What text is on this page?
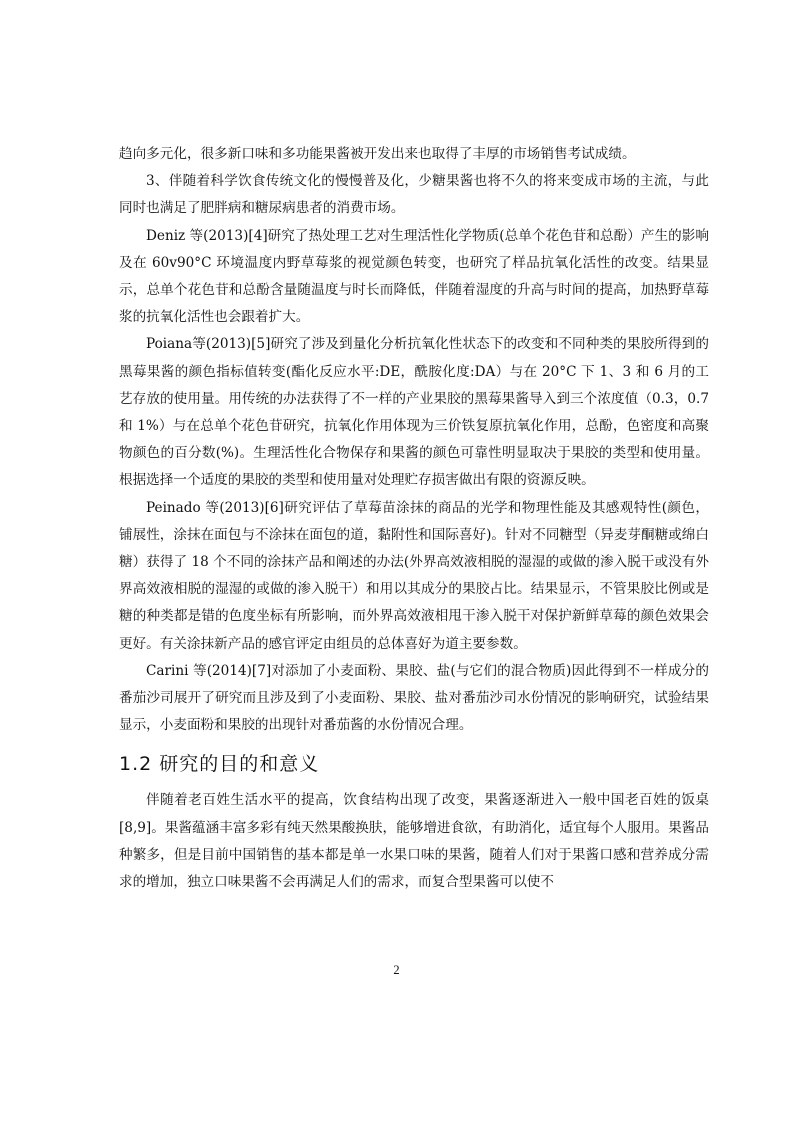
趋向多元化，很多新口味和多功能果酱被开发出来也取得了丰厚的市场销售考试成绩。

3、伴随着科学饮食传统文化的慢慢普及化，少糖果酱也将不久的将来变成市场的主流，与此同时也满足了肥胖病和糖尿病患者的消费市场。

Deniz 等(2013)[4]研究了热处理工艺对生理活性化学物质(总单个花色苷和总酚）产生的影响及在 60v90°C 环境温度内野草莓浆的视觉颜色转变，也研究了样品抗氧化活性的改变。结果显示，总单个花色苷和总酚含量随温度与时长而降低，伴随着湿度的升高与时间的提高，加热野草莓浆的抗氧化活性也会跟着扩大。

Poiana等(2013)[5]研究了涉及到量化分析抗氧化性状态下的改变和不同种类的果胶所得到的黑莓果酱的颜色指标值转变(酯化反应水平:DE，酰胺化度:DA）与在 20°C 下 1、3 和 6 月的工艺存放的使用量。用传统的办法获得了不一样的产业果胶的黑莓果酱导入到三个浓度值（0.3，0.7 和 1%）与在总单个花色苷研究，抗氧化作用体现为三价铁复原抗氧化作用，总酚，色密度和高聚物颜色的百分数(%)。生理活性化合物保存和果酱的颜色可靠性明显取决于果胶的类型和使用量。根据选择一个适度的果胶的类型和使用量对处理贮存损害做出有限的资源反映。

Peinado 等(2013)[6]研究评估了草莓苗涂抹的商品的光学和物理性能及其感观特性(颜色，铺展性，涂抹在面包与不涂抹在面包的道，黏附性和国际喜好)。针对不同糖型（异麦芽酮糖或绵白糖）获得了 18 个不同的涂抹产品和阐述的办法(外界高效液相脱的湿湿的或做的渗入脱干或没有外界高效液相脱的湿湿的或做的渗入脱干）和用以其成分的果胶占比。结果显示，不管果胶比例或是糖的种类都是错的色度坐标有所影响，而外界高效液相甩干渗入脱干对保护新鲜草莓的颜色效果会更好。有关涂抹新产品的感官评定由组员的总体喜好为道主要参数。

Carini 等(2014)[7]对添加了小麦面粉、果胶、盐(与它们的混合物质)因此得到不一样成分的番茄沙司展开了研究而且涉及到了小麦面粉、果胶、盐对番茄沙司水份情况的影响研究，试验结果显示，小麦面粉和果胶的出现针对番茄酱的水份情况合理。

1.2 研究的目的和意义

伴随着老百姓生活水平的提高，饮食结构出现了改变，果酱逐渐进入一般中国老百姓的饭桌[8,9]。果酱蕴涵丰富多彩有纯天然果酸换肤，能够增进食欲，有助消化，适宜每个人服用。果酱品种繁多，但是目前中国销售的基本都是单一水果口味的果酱，随着人们对于果酱口感和营养成分需求的增加，独立口味果酱不会再满足人们的需求，而复合型果酱可以使不

2
